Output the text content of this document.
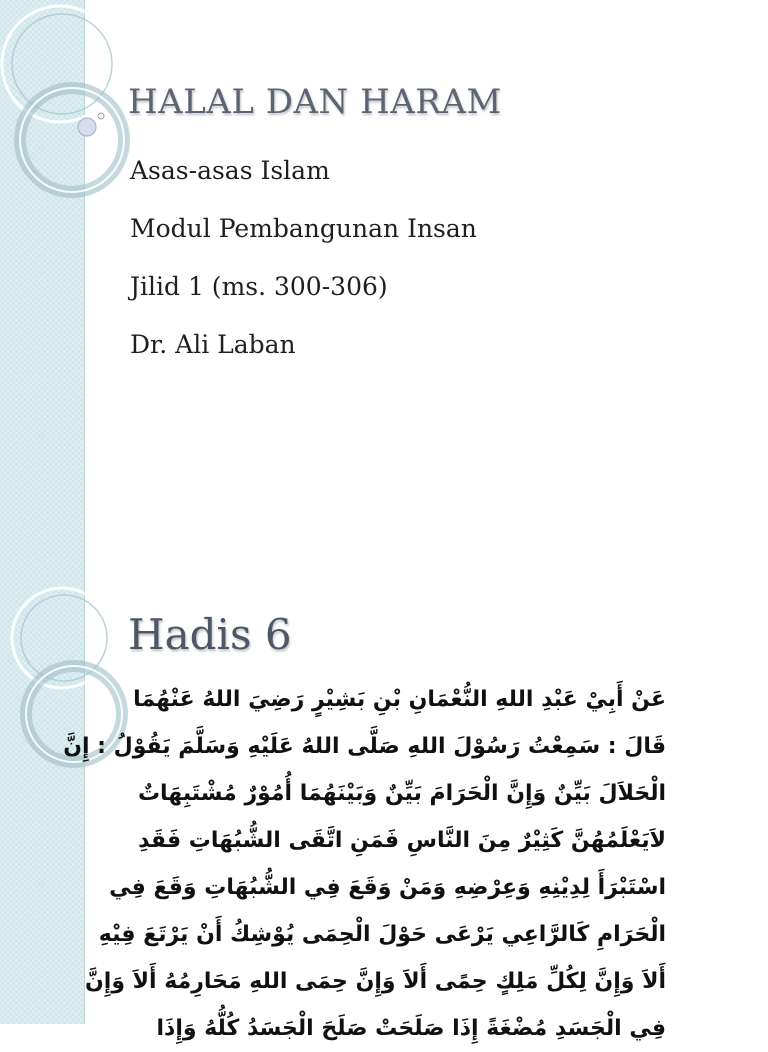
HALAL DAN HARAM
Asas-asas Islam
Modul Pembangunan Insan
Jilid 1 (ms. 300-306)
Dr. Ali Laban
Hadis 6
عَنْ أَبِيْ عَبْدِ اللهِ النُّعْمَانِ بْنِ بَشِيْرٍ رَضِيَ اللهُ عَنْهُمَا
قَالَ : سَمِعْتُ رَسُوْلَ اللهِ صَلَّى اللهُ عَلَيْهِ وَسَلَّمَ يَقُوْلُ : إِنَّ
الْحَلاَلَ بَيِّنٌ وَإِنَّ الْحَرَامَ بَيِّنٌ وَبَيْنَهُمَا أُمُوْرٌ مُشْتَبِهَاتٌ
لاَيَعْلَمُهُنَّ كَثِيْرٌ مِنَ النَّاسِ فَمَنِ اتَّقَى الشُّبُهَاتِ فَقَدِ
اسْتَبْرَأَ لِدِيْنِهِ وَعِرْضِهِ وَمَنْ وَقَعَ فِي الشُّبُهَاتِ وَقَعَ فِي
الْحَرَامِ كَالرَّاعِي يَرْعَى حَوْلَ الْحِمَى يُوْشِكُ أَنْ يَرْتَعَ فِيْهِ
أَلاَ وَإِنَّ لِكُلِّ مَلِكٍ حِمًى أَلاَ وَإِنَّ حِمَى اللهِ مَحَارِمُهُ أَلاَ وَإِنَّ
فِي الْجَسَدِ مُضْغَةً إِذَا صَلَحَتْ صَلَحَ الْجَسَدُ كُلُّهُ وَإِذَا
